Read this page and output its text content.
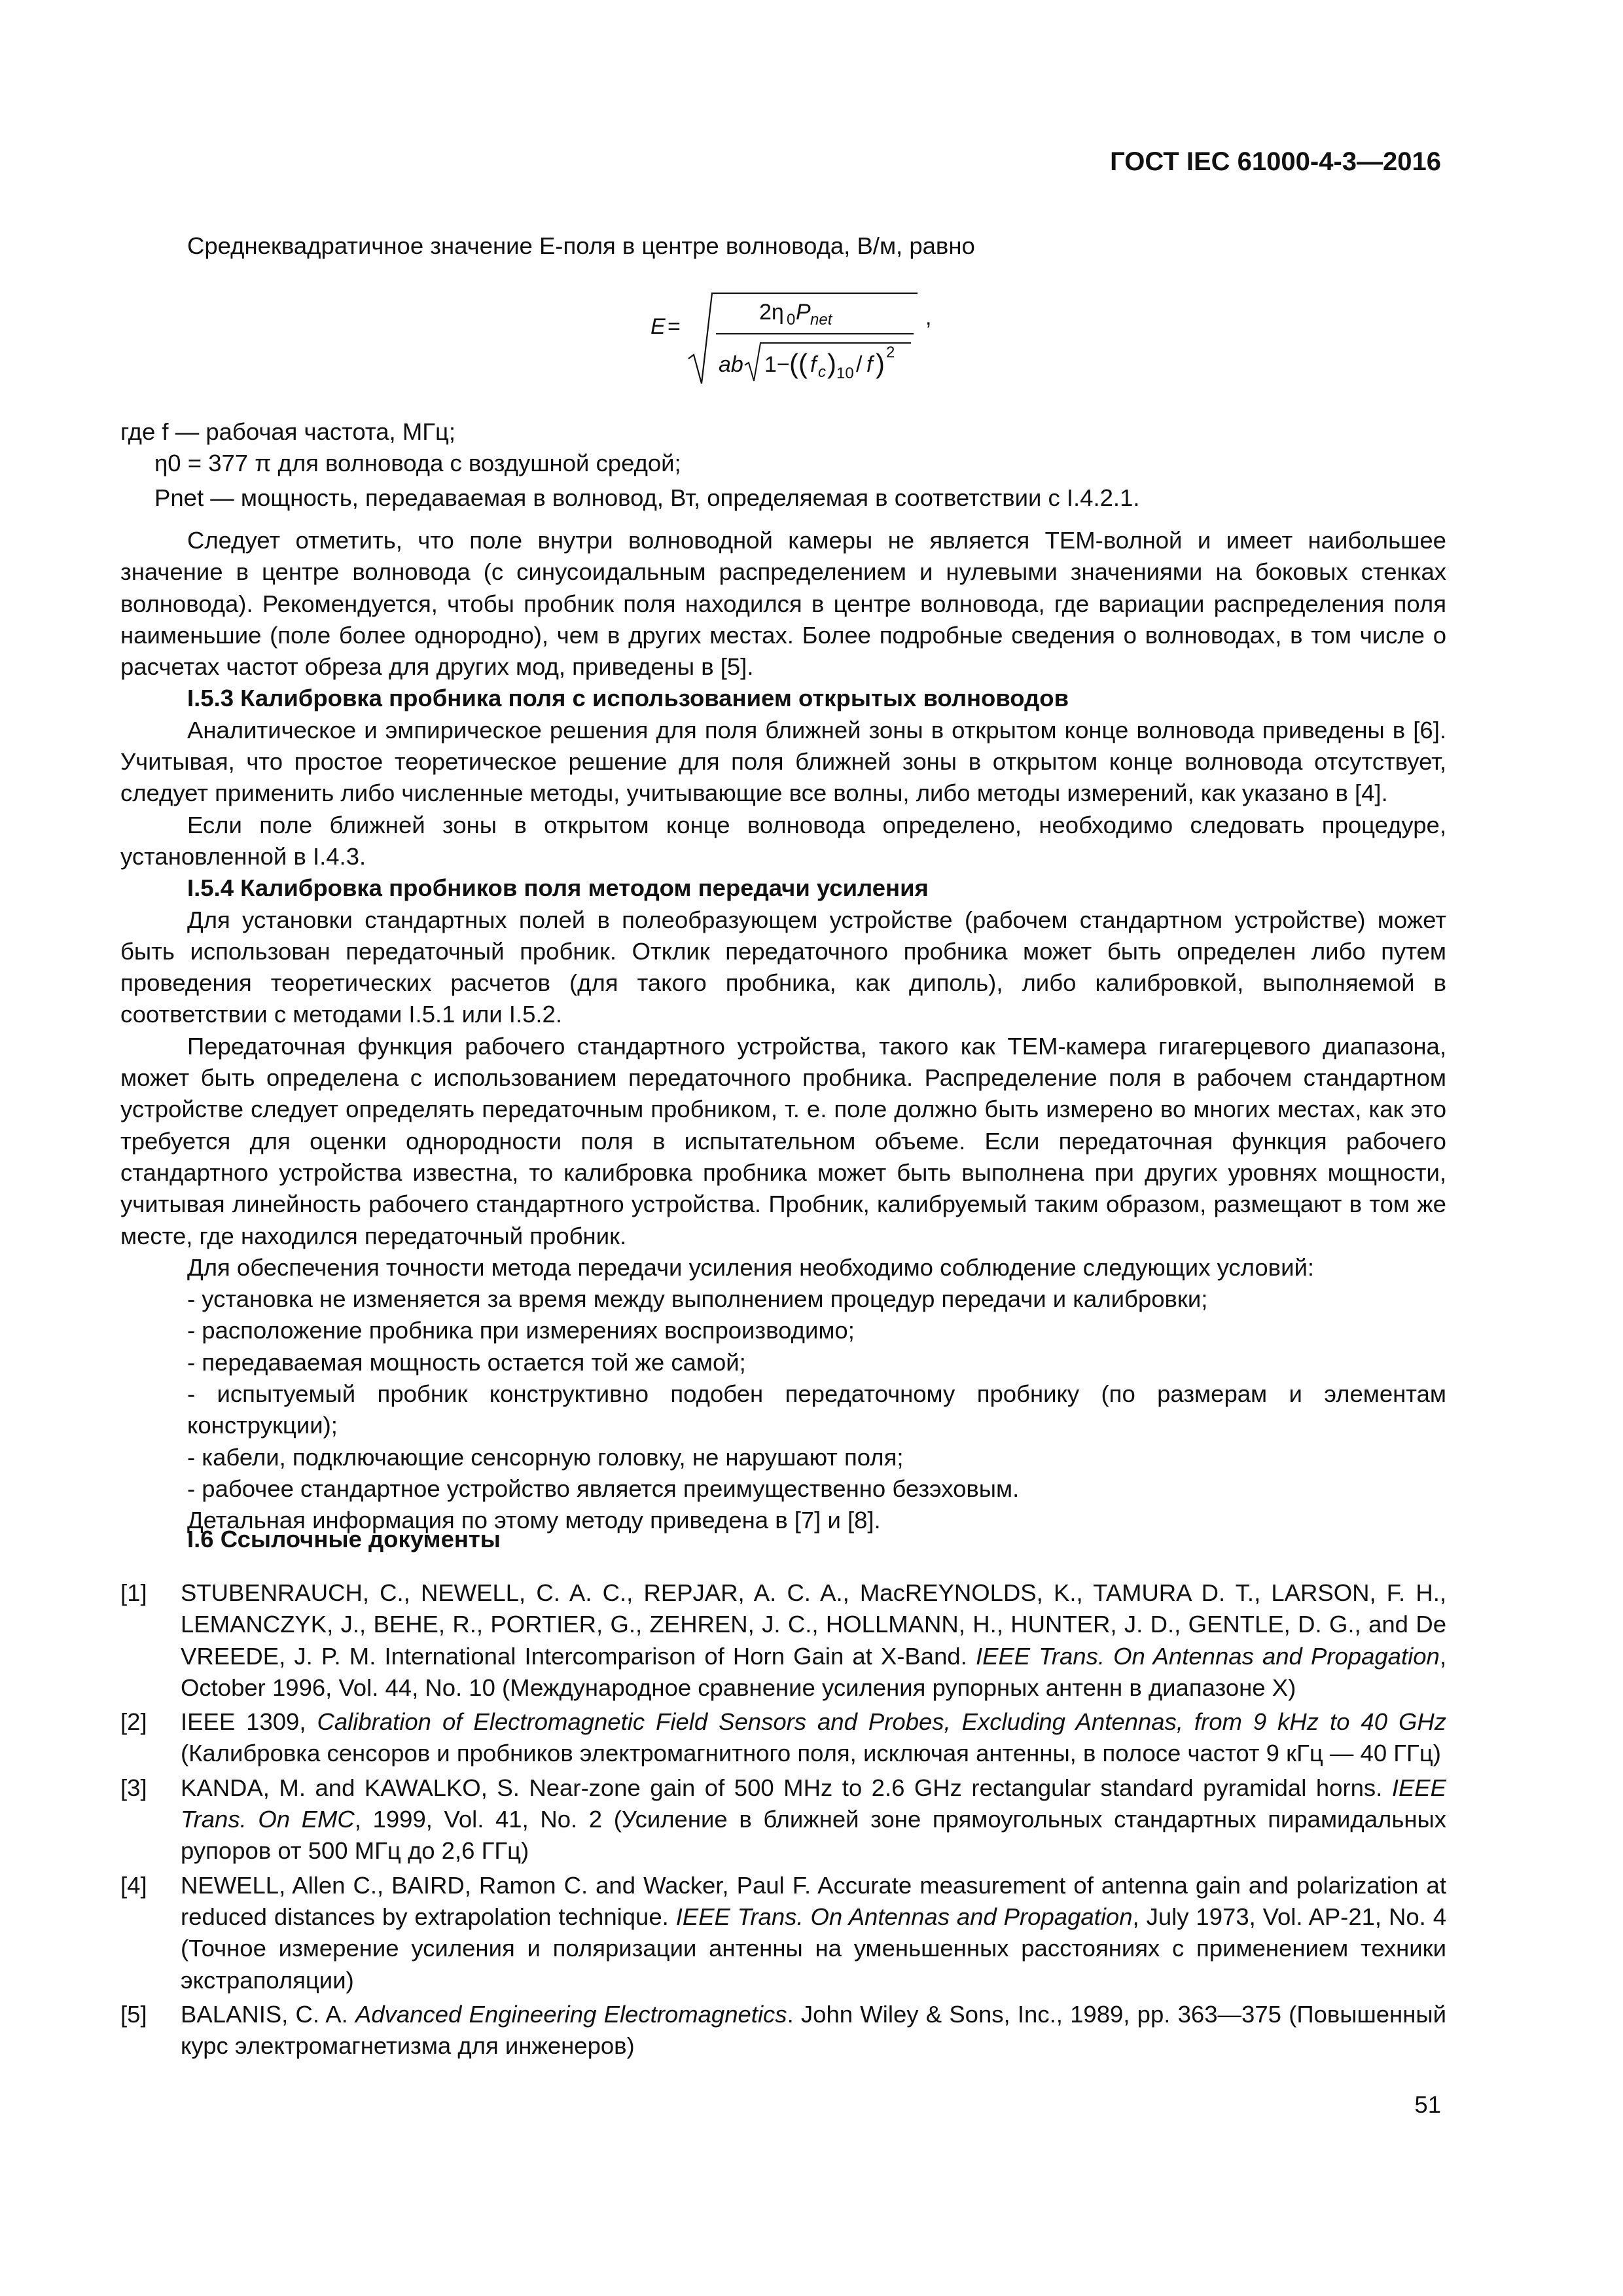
ГОСТ IEC 61000-4-3—2016

Среднеквадратичное значение E-поля в центре волновода, В/м, равно

E =
2η 0 P net
ab 1− (( f c ) 10 / f ) 2
,

где f — рабочая частота, МГц;

η0 = 377 π для волновода с воздушной средой;

Pnet — мощность, передаваемая в волновод, Вт, определяемая в соответствии с I.4.2.1.

Следует отметить, что поле внутри волноводной камеры не является ТЕМ-волной и имеет наибольшее значение в центре волновода (с синусоидальным распределением и нулевыми значениями на боковых стенках волновода). Рекомендуется, чтобы пробник поля находился в центре волновода, где вариации распределения поля наименьшие (поле более однородно), чем в других местах. Более подробные сведения о волноводах, в том числе о расчетах частот обреза для других мод, приведены в [5].

I.5.3 Калибровка пробника поля с использованием открытых волноводов

Аналитическое и эмпирическое решения для поля ближней зоны в открытом конце волновода приведены в [6]. Учитывая, что простое теоретическое решение для поля ближней зоны в открытом конце волновода отсутствует, следует применить либо численные методы, учитывающие все волны, либо методы измерений, как указано в [4].

Если поле ближней зоны в открытом конце волновода определено, необходимо следовать процедуре, установленной в I.4.3.

I.5.4 Калибровка пробников поля методом передачи усиления

Для установки стандартных полей в полеобразующем устройстве (рабочем стандартном устройстве) может быть использован передаточный пробник. Отклик передаточного пробника может быть определен либо путем проведения теоретических расчетов (для такого пробника, как диполь), либо калибровкой, выполняемой в соответствии с методами I.5.1 или I.5.2.

Передаточная функция рабочего стандартного устройства, такого как ТЕМ-камера гигагерцевого диапазона, может быть определена с использованием передаточного пробника. Распределение поля в рабочем стандартном устройстве следует определять передаточным пробником, т. е. поле должно быть измерено во многих местах, как это требуется для оценки однородности поля в испытательном объеме. Если передаточная функция рабочего стандартного устройства известна, то калибровка пробника может быть выполнена при других уровнях мощности, учитывая линейность рабочего стандартного устройства. Пробник, калибруемый таким образом, размещают в том же месте, где находился передаточный пробник.

Для обеспечения точности метода передачи усиления необходимо соблюдение следующих условий:

- установка не изменяется за время между выполнением процедур передачи и калибровки;

- расположение пробника при измерениях воспроизводимо;

- передаваемая мощность остается той же самой;

- испытуемый пробник конструктивно подобен передаточному пробнику (по размерам и элементам конструкции);

- кабели, подключающие сенсорную головку, не нарушают поля;

- рабочее стандартное устройство является преимущественно безэховым.

Детальная информация по этому методу приведена в [7] и [8].

I.6 Ссылочные документы
[1]	STUBENRAUCH, C., NEWELL, C. A. C., REPJAR, A. C. A., MacREYNOLDS, K., TAMURA D. T., LARSON, F. H., LEMANCZYK, J., BEHE, R., PORTIER, G., ZEHREN, J. C., HOLLMANN, H., HUNTER, J. D., GENTLE, D. G., and De VREEDE, J. P. M. International Intercomparison of Horn Gain at X-Band. IEEE Trans. On Antennas and Propagation, October 1996, Vol. 44, No. 10 (Международное сравнение усиления рупорных антенн в диапазоне X)
[2]	IEEE 1309, Calibration of Electromagnetic Field Sensors and Probes, Excluding Antennas, from 9 kHz to 40 GHz (Калибровка сенсоров и пробников электромагнитного поля, исключая антенны, в полосе частот 9 кГц — 40 ГГц)
[3]	KANDA, M. and KAWALKO, S. Near-zone gain of 500 MHz to 2.6 GHz rectangular standard pyramidal horns. IEEE Trans. On EMC, 1999, Vol. 41, No. 2 (Усиление в ближней зоне прямоугольных стандартных пирамидальных рупоров от 500 МГц до 2,6 ГГц)
[4]	NEWELL, Allen C., BAIRD, Ramon C. and Wacker, Paul F. Accurate measurement of antenna gain and polarization at reduced distances by extrapolation technique. IEEE Trans. On Antennas and Propagation, July 1973, Vol. AP-21, No. 4 (Точное измерение усиления и поляризации антенны на уменьшенных расстояниях с применением техники экстраполяции)
[5]	BALANIS, C. A. Advanced Engineering Electromagnetics. John Wiley & Sons, Inc., 1989, pp. 363—375 (Повышенный курс электромагнетизма для инженеров)
51
